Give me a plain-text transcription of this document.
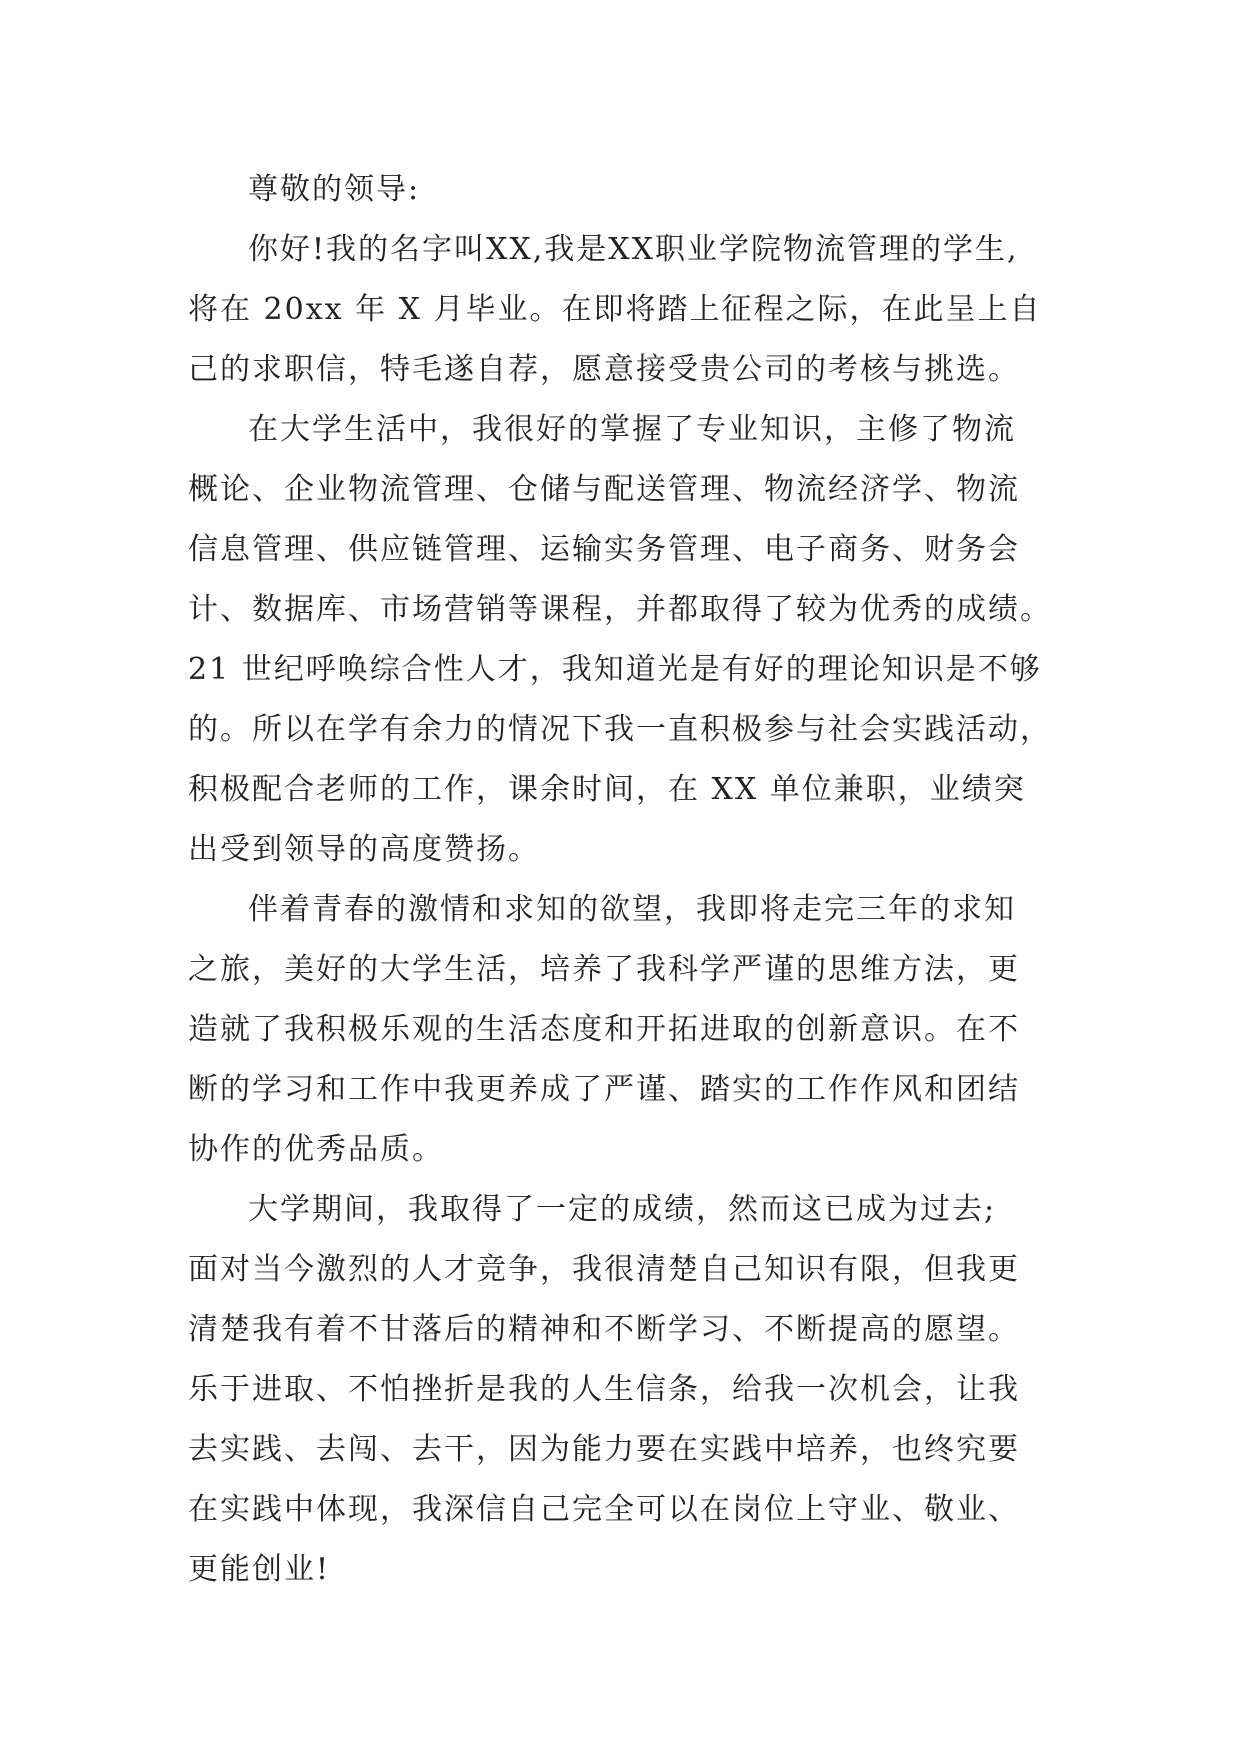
尊敬的领导:
你好!我的名字叫XX,我是XX职业学院物流管理的学生,
将在 20xx 年 X 月毕业。在即将踏上征程之际，在此呈上自
己的求职信，特毛遂自荐，愿意接受贵公司的考核与挑选。
在大学生活中，我很好的掌握了专业知识，主修了物流
概论、企业物流管理、仓储与配送管理、物流经济学、物流
信息管理、供应链管理、运输实务管理、电子商务、财务会
计、数据库、市场营销等课程，并都取得了较为优秀的成绩。
21 世纪呼唤综合性人才，我知道光是有好的理论知识是不够
的。所以在学有余力的情况下我一直积极参与社会实践活动，
积极配合老师的工作，课余时间，在 XX 单位兼职，业绩突
出受到领导的高度赞扬。
伴着青春的激情和求知的欲望，我即将走完三年的求知
之旅，美好的大学生活，培养了我科学严谨的思维方法，更
造就了我积极乐观的生活态度和开拓进取的创新意识。在不
断的学习和工作中我更养成了严谨、踏实的工作作风和团结
协作的优秀品质。
大学期间，我取得了一定的成绩，然而这已成为过去;
面对当今激烈的人才竞争，我很清楚自己知识有限，但我更
清楚我有着不甘落后的精神和不断学习、不断提高的愿望。
乐于进取、不怕挫折是我的人生信条，给我一次机会，让我
去实践、去闯、去干，因为能力要在实践中培养，也终究要
在实践中体现，我深信自己完全可以在岗位上守业、敬业、
更能创业!
